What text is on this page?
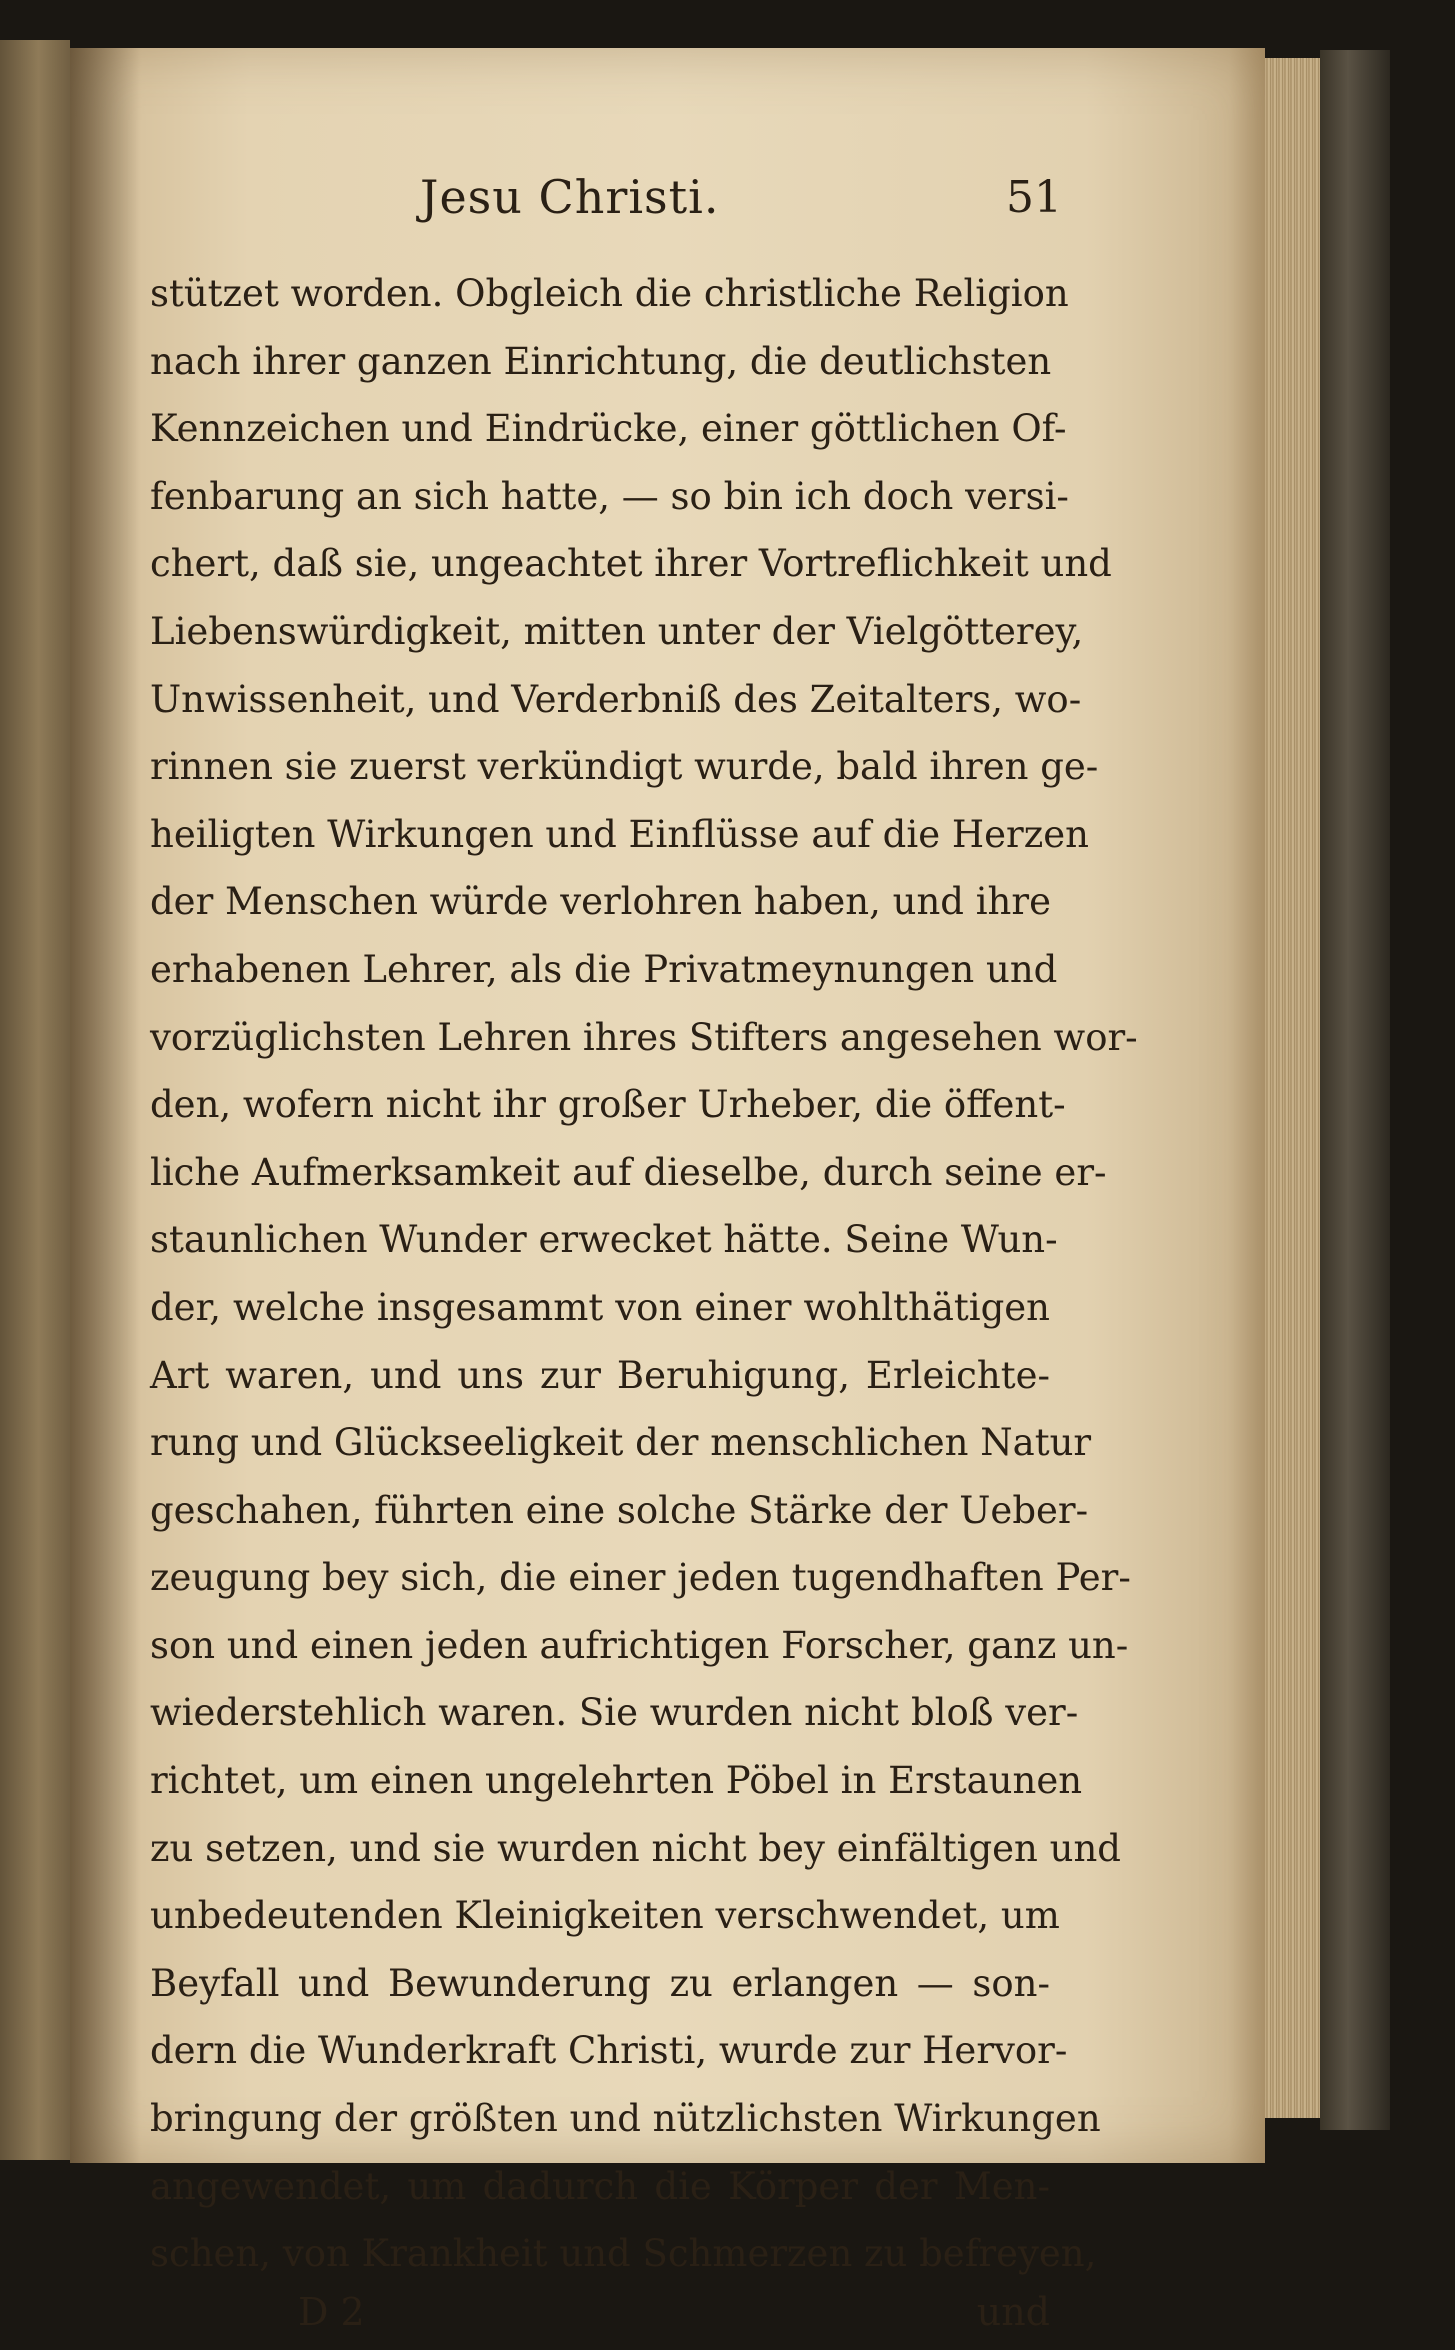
Jesu Christi.	51
stützet worden. Obgleich die christliche Religion
nach ihrer ganzen Einrichtung, die deutlichsten
Kennzeichen und Eindrücke, einer göttlichen Of-
fenbarung an sich hatte, — so bin ich doch versi-
chert, daß sie, ungeachtet ihrer Vortreflichkeit und
Liebenswürdigkeit, mitten unter der Vielgötterey,
Unwissenheit, und Verderbniß des Zeitalters, wo-
rinnen sie zuerst verkündigt wurde, bald ihren ge-
heiligten Wirkungen und Einflüsse auf die Herzen
der Menschen würde verlohren haben, und ihre
erhabenen Lehrer, als die Privatmeynungen und
vorzüglichsten Lehren ihres Stifters angesehen wor-
den, wofern nicht ihr großer Urheber, die öffent-
liche Aufmerksamkeit auf dieselbe, durch seine er-
staunlichen Wunder erwecket hätte. Seine Wun-
der, welche insgesammt von einer wohlthätigen
Art waren, und uns zur Beruhigung, Erleichte-
rung und Glückseeligkeit der menschlichen Natur
geschahen, führten eine solche Stärke der Ueber-
zeugung bey sich, die einer jeden tugendhaften Per-
son und einen jeden aufrichtigen Forscher, ganz un-
wiederstehlich waren. Sie wurden nicht bloß ver-
richtet, um einen ungelehrten Pöbel in Erstaunen
zu setzen, und sie wurden nicht bey einfältigen und
unbedeutenden Kleinigkeiten verschwendet, um
Beyfall und Bewunderung zu erlangen — son-
dern die Wunderkraft Christi, wurde zur Hervor-
bringung der größten und nützlichsten Wirkungen
angewendet, um dadurch die Körper der Men-
schen, von Krankheit und Schmerzen zu befreyen,
D 2	und
